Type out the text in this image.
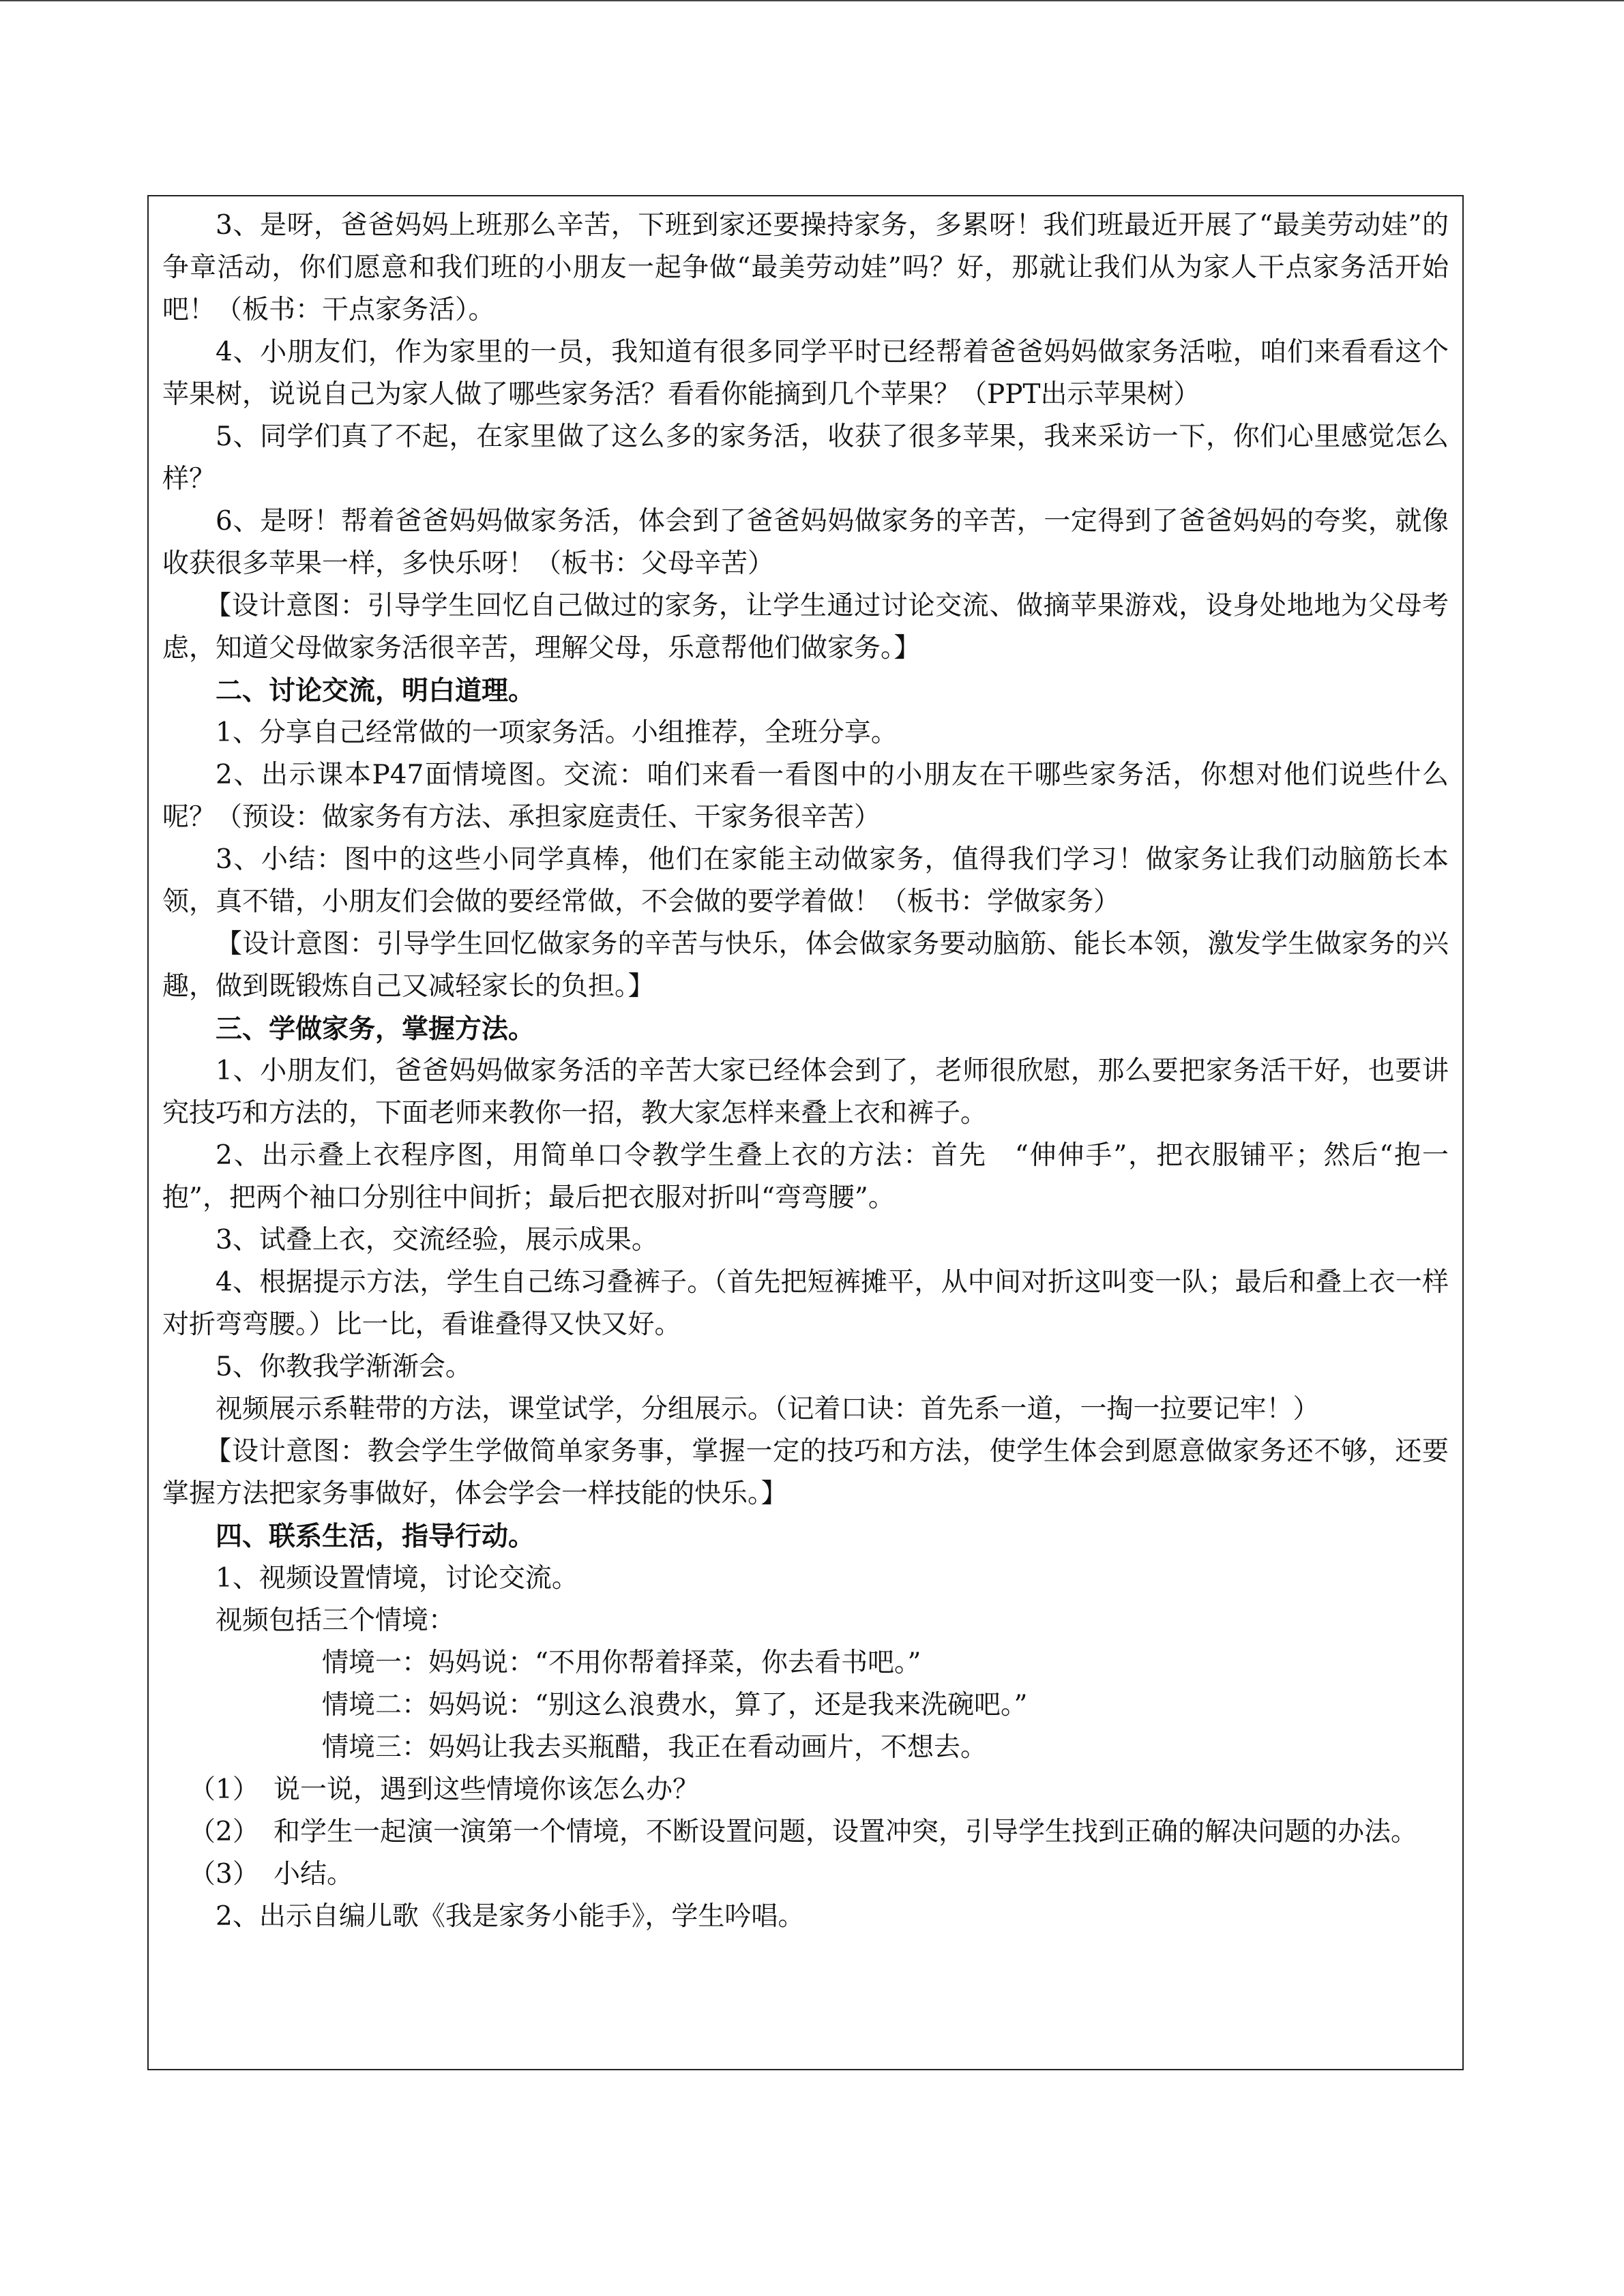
3、是呀，爸爸妈妈上班那么辛苦，下班到家还要操持家务，多累呀！我们班最近开展了“最美劳动娃”的争章活动，你们愿意和我们班的小朋友一起争做“最美劳动娃”吗？好，那就让我们从为家人干点家务活开始吧！（板书：干点家务活）。

4、小朋友们，作为家里的一员，我知道有很多同学平时已经帮着爸爸妈妈做家务活啦，咱们来看看这个苹果树，说说自己为家人做了哪些家务活？看看你能摘到几个苹果？（PPT出示苹果树）

5、同学们真了不起，在家里做了这么多的家务活，收获了很多苹果，我来采访一下，你们心里感觉怎么样？

6、是呀！帮着爸爸妈妈做家务活，体会到了爸爸妈妈做家务的辛苦，一定得到了爸爸妈妈的夸奖，就像收获很多苹果一样，多快乐呀！（板书：父母辛苦）

【设计意图：引导学生回忆自己做过的家务，让学生通过讨论交流、做摘苹果游戏，设身处地地为父母考虑，知道父母做家务活很辛苦，理解父母，乐意帮他们做家务。】

二、讨论交流，明白道理。

1、分享自己经常做的一项家务活。小组推荐，全班分享。

2、出示课本P47面情境图。交流：咱们来看一看图中的小朋友在干哪些家务活，你想对他们说些什么呢？（预设：做家务有方法、承担家庭责任、干家务很辛苦）

3、小结：图中的这些小同学真棒，他们在家能主动做家务，值得我们学习！做家务让我们动脑筋长本领，真不错，小朋友们会做的要经常做，不会做的要学着做！（板书：学做家务）

【设计意图：引导学生回忆做家务的辛苦与快乐，体会做家务要动脑筋、能长本领，激发学生做家务的兴趣，做到既锻炼自己又减轻家长的负担。】

三、学做家务，掌握方法。

1、小朋友们，爸爸妈妈做家务活的辛苦大家已经体会到了，老师很欣慰，那么要把家务活干好，也要讲究技巧和方法的，下面老师来教你一招，教大家怎样来叠上衣和裤子。

2、出示叠上衣程序图，用简单口令教学生叠上衣的方法：首先　“伸伸手”，把衣服铺平；然后“抱一抱”，把两个袖口分别往中间折；最后把衣服对折叫“弯弯腰”。

3、试叠上衣，交流经验，展示成果。

4、根据提示方法，学生自己练习叠裤子。（首先把短裤摊平，从中间对折这叫变一队；最后和叠上衣一样对折弯弯腰。）比一比，看谁叠得又快又好。

5、你教我学渐渐会。

视频展示系鞋带的方法，课堂试学，分组展示。（记着口诀：首先系一道，一掏一拉要记牢！）

【设计意图：教会学生学做简单家务事，掌握一定的技巧和方法，使学生体会到愿意做家务还不够，还要掌握方法把家务事做好，体会学会一样技能的快乐。】

四、联系生活，指导行动。

1、视频设置情境，讨论交流。

视频包括三个情境：

情境一：妈妈说：“不用你帮着择菜，你去看书吧。”

情境二：妈妈说：“别这么浪费水，算了，还是我来洗碗吧。”

情境三：妈妈让我去买瓶醋，我正在看动画片，不想去。

（1） 说一说，遇到这些情境你该怎么办？
（2） 和学生一起演一演第一个情境，不断设置问题，设置冲突，引导学生找到正确的解决问题的办法。
（3） 小结。

2、出示自编儿歌《我是家务小能手》，学生吟唱。
